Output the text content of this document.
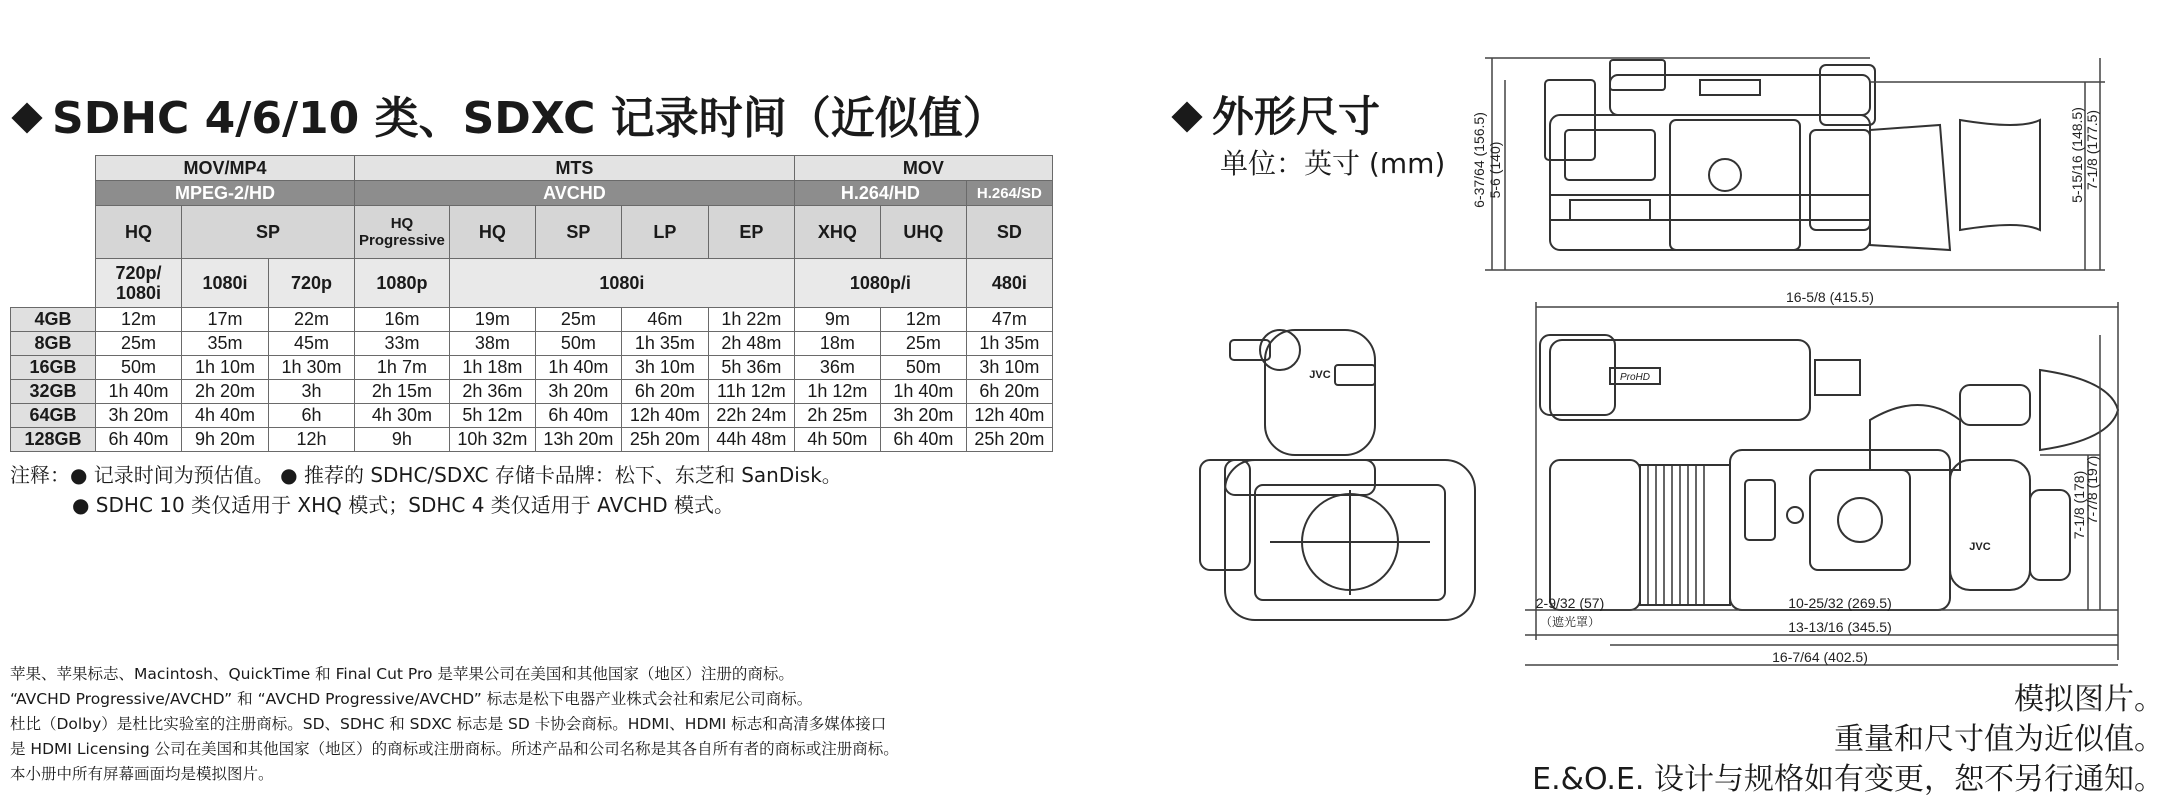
SDHC 4/6/10 类、SDXC 记录时间（近似值）
	MOV/MP4			MTS					MOV		
	MPEG-2/HD			AVCHD					H.264/HD		H.264/SD
	HQ	SP		HQ Progressive	HQ	SP	LP	EP	XHQ	UHQ	SD
	720p/ 1080i	1080i	720p	1080p	1080i				1080p/i		480i
4GB	12m	17m	22m	16m	19m	25m	46m	1h 22m	9m	12m	47m
8GB	25m	35m	45m	33m	38m	50m	1h 35m	2h 48m	18m	25m	1h 35m
16GB	50m	1h 10m	1h 30m	1h 7m	1h 18m	1h 40m	3h 10m	5h 36m	36m	50m	3h 10m
32GB	1h 40m	2h 20m	3h	2h 15m	2h 36m	3h 20m	6h 20m	11h 12m	1h 12m	1h 40m	6h 20m
64GB	3h 20m	4h 40m	6h	4h 30m	5h 12m	6h 40m	12h 40m	22h 24m	2h 25m	3h 20m	12h 40m
128GB	6h 40m	9h 20m	12h	9h	10h 32m	13h 20m	25h 20m	44h 48m	4h 50m	6h 40m	25h 20m
注释：● 记录时间为预估值。 ● 推荐的 SDHC/SDXC 存储卡品牌：松下、东芝和 SanDisk。
● SDHC 10 类仅适用于 XHQ 模式；SDHC 4 类仅适用于 AVCHD 模式。
苹果、苹果标志、Macintosh、QuickTime 和 Final Cut Pro 是苹果公司在美国和其他国家（地区）注册的商标。
“AVCHD Progressive/AVCHD” 和 “AVCHD Progressive/AVCHD” 标志是松下电器产业株式会社和索尼公司商标。
杜比（Dolby）是杜比实验室的注册商标。SD、SDHC 和 SDXC 标志是 SD 卡协会商标。HDMI、HDMI 标志和高清多媒体接口
是 HDMI Licensing 公司在美国和其他国家（地区）的商标或注册商标。所述产品和公司名称是其各自所有者的商标或注册商标。
本小册中所有屏幕画面均是模拟图片。
外形尺寸
单位：英寸 (mm) 6-37/64 (156.5) 5-6 (140)	5-15/16 (148.5) 7-1/8 (177.5)
16-5/8 (415.5)
7-1/8 (178)
7-7/8 (197)
2-9/32 (57)
（遮光罩）
10-25/32 (269.5)
13-13/16 (345.5)
16-7/64 (402.5)
JVC
JVC
ProHD
模拟图片。
重量和尺寸值为近似值。
E.&O.E. 设计与规格如有变更，恕不另行通知。
